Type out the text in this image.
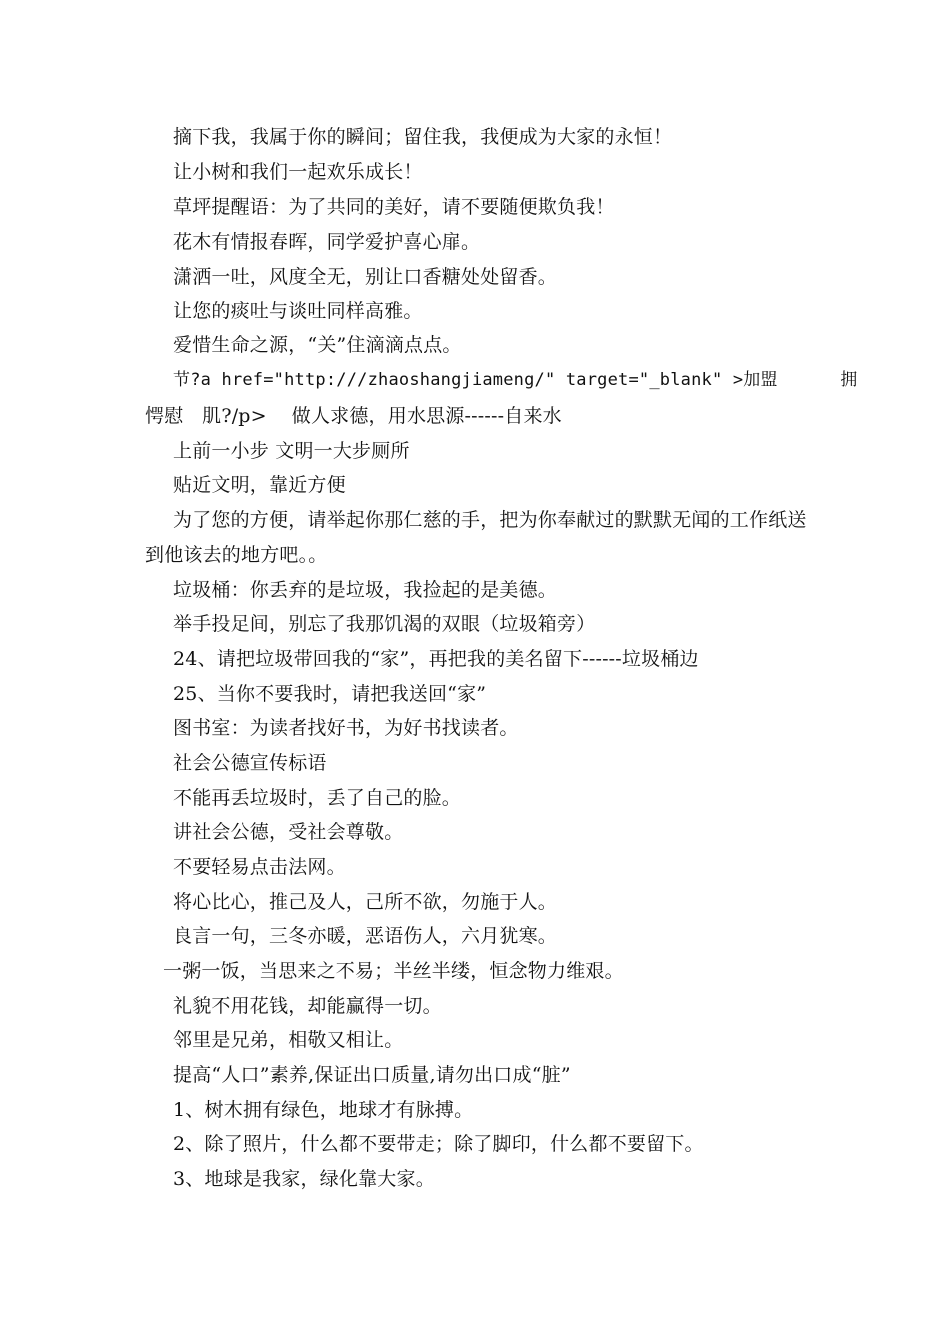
摘下我，我属于你的瞬间；留住我，我便成为大家的永恒！
让小树和我们一起欢乐成长！
草坪提醒语：为了共同的美好，请不要随便欺负我！
花木有情报春晖，同学爱护喜心扉。
潇洒一吐，风度全无，别让口香糖处处留香。
让您的痰吐与谈吐同样高雅。
爱惜生命之源，“关”住滴滴点点。
节?a href="http:///zhaoshangjiameng/" target="_blank" >加盟      拥
愕慰   肌?/p>    做人求德，用水思源------自来水
上前一小步 文明一大步厕所
贴近文明，靠近方便
为了您的方便，请举起你那仁慈的手，把为你奉献过的默默无闻的工作纸送
到他该去的地方吧。。
垃圾桶：你丢弃的是垃圾，我捡起的是美德。
举手投足间，别忘了我那饥渴的双眼（垃圾箱旁）
24、请把垃圾带回我的“家”，再把我的美名留下------垃圾桶边
25、当你不要我时，请把我送回“家”
图书室：为读者找好书，为好书找读者。
社会公德宣传标语
不能再丢垃圾时，丢了自己的脸。
讲社会公德，受社会尊敬。
不要轻易点击法网。
将心比心，推己及人，己所不欲，勿施于人。
良言一句，三冬亦暖，恶语伤人，六月犹寒。
一粥一饭，当思来之不易；半丝半缕，恒念物力维艰。
礼貌不用花钱，却能赢得一切。
邻里是兄弟，相敬又相让。
提高“人口”素养,保证出口质量,请勿出口成“脏”
1、树木拥有绿色，地球才有脉搏。
2、除了照片，什么都不要带走；除了脚印，什么都不要留下。
3、地球是我家，绿化靠大家。
